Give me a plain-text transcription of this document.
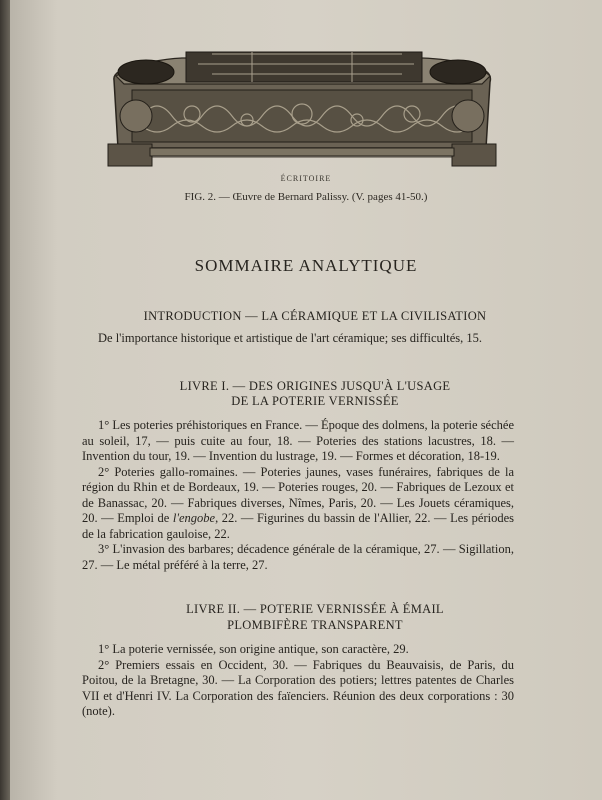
ÉCRITOIRE
FIG. 2. — Œuvre de Bernard Palissy. (V. pages 41-50.)
SOMMAIRE ANALYTIQUE
INTRODUCTION — LA CÉRAMIQUE ET LA CIVILISATION
De l'importance historique et artistique de l'art céramique; ses difficultés, 15.
LIVRE I. — DES ORIGINES JUSQU'À L'USAGE
DE LA POTERIE VERNISSÉE
1° Les poteries préhistoriques en France. — Époque des dolmens, la poterie séchée au soleil, 17, — puis cuite au four, 18. — Poteries des stations lacustres, 18. — Invention du tour, 19. — Invention du lustrage, 19. — Formes et décoration, 18-19.
2° Poteries gallo-romaines. — Poteries jaunes, vases funéraires, fabriques de la région du Rhin et de Bordeaux, 19. — Poteries rouges, 20. — Fabriques de Lezoux et de Banassac, 20. — Fabriques diverses, Nîmes, Paris, 20. — Les Jouets céramiques, 20. — Emploi de l'engobe, 22. — Figurines du bassin de l'Allier, 22. — Les périodes de la fabrication gauloise, 22.
3° L'invasion des barbares; décadence générale de la céramique, 27. — Sigillation, 27. — Le métal préféré à la terre, 27.
LIVRE II. — POTERIE VERNISSÉE À ÉMAIL
PLOMBIFÈRE TRANSPARENT
1° La poterie vernissée, son origine antique, son caractère, 29.
2° Premiers essais en Occident, 30. — Fabriques du Beauvaisis, de Paris, du Poitou, de la Bretagne, 30. — La Corporation des potiers; lettres patentes de Charles VII et d'Henri IV. La Corporation des faïenciers. Réunion des deux corporations : 30 (note).
